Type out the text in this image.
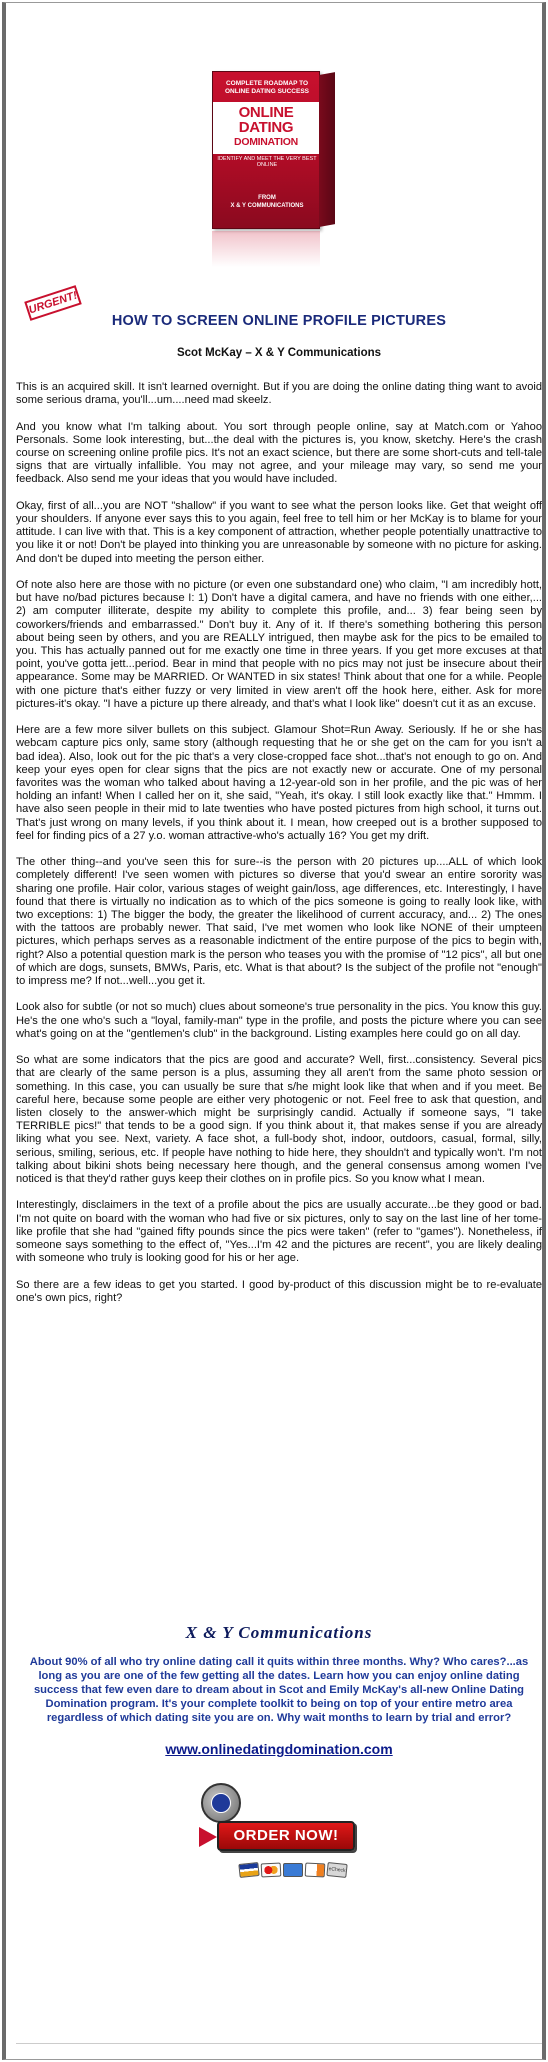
COMPLETE ROADMAP TO ONLINE DATING SUCCESS
ONLINE
DATING
DOMINATION
IDENTIFY AND MEET THE VERY BEST ONLINE
FROM
X & Y COMMUNICATIONS
URGENT!
HOW TO SCREEN ONLINE PROFILE PICTURES
Scot McKay – X & Y Communications

This is an acquired skill. It isn't learned overnight. But if you are doing the online dating thing want to avoid some serious drama, you'll...um....need mad skeelz.

And you know what I'm talking about. You sort through people online, say at Match.com or Yahoo Personals. Some look interesting, but...the deal with the pictures is, you know, sketchy. Here's the crash course on screening online profile pics. It's not an exact science, but there are some short-cuts and tell-tale signs that are virtually infallible. You may not agree, and your mileage may vary, so send me your feedback. Also send me your ideas that you would have included.

Okay, first of all...you are NOT "shallow" if you want to see what the person looks like. Get that weight off your shoulders. If anyone ever says this to you again, feel free to tell him or her McKay is to blame for your attitude. I can live with that. This is a key component of attraction, whether people potentially unattractive to you like it or not! Don't be played into thinking you are unreasonable by someone with no picture for asking. And don't be duped into meeting the person either.

Of note also here are those with no picture (or even one substandard one) who claim, "I am incredibly hott, but have no/bad pictures because I: 1) Don't have a digital camera, and have no friends with one either,... 2) am computer illiterate, despite my ability to complete this profile, and... 3) fear being seen by coworkers/friends and embarrassed." Don't buy it. Any of it. If there's something bothering this person about being seen by others, and you are REALLY intrigued, then maybe ask for the pics to be emailed to you. This has actually panned out for me exactly one time in three years. If you get more excuses at that point, you've gotta jett...period. Bear in mind that people with no pics may not just be insecure about their appearance. Some may be MARRIED. Or WANTED in six states! Think about that one for a while. People with one picture that's either fuzzy or very limited in view aren't off the hook here, either. Ask for more pictures-it's okay. "I have a picture up there already, and that's what I look like" doesn't cut it as an excuse.

Here are a few more silver bullets on this subject. Glamour Shot=Run Away. Seriously. If he or she has webcam capture pics only, same story (although requesting that he or she get on the cam for you isn't a bad idea). Also, look out for the pic that's a very close-cropped face shot...that's not enough to go on. And keep your eyes open for clear signs that the pics are not exactly new or accurate. One of my personal favorites was the woman who talked about having a 12-year-old son in her profile, and the pic was of her holding an infant! When I called her on it, she said, "Yeah, it's okay. I still look exactly like that." Hmmm. I have also seen people in their mid to late twenties who have posted pictures from high school, it turns out. That's just wrong on many levels, if you think about it. I mean, how creeped out is a brother supposed to feel for finding pics of a 27 y.o. woman attractive-who's actually 16? You get my drift.

The other thing--and you've seen this for sure--is the person with 20 pictures up....ALL of which look completely different! I've seen women with pictures so diverse that you'd swear an entire sorority was sharing one profile. Hair color, various stages of weight gain/loss, age differences, etc. Interestingly, I have found that there is virtually no indication as to which of the pics someone is going to really look like, with two exceptions: 1) The bigger the body, the greater the likelihood of current accuracy, and... 2) The ones with the tattoos are probably newer. That said, I've met women who look like NONE of their umpteen pictures, which perhaps serves as a reasonable indictment of the entire purpose of the pics to begin with, right? Also a potential question mark is the person who teases you with the promise of "12 pics", all but one of which are dogs, sunsets, BMWs, Paris, etc. What is that about? Is the subject of the profile not "enough" to impress me? If not...well...you get it.

Look also for subtle (or not so much) clues about someone's true personality in the pics. You know this guy. He's the one who's such a "loyal, family-man" type in the profile, and posts the picture where you can see what's going on at the "gentlemen's club" in the background. Listing examples here could go on all day.

So what are some indicators that the pics are good and accurate? Well, first...consistency. Several pics that are clearly of the same person is a plus, assuming they all aren't from the same photo session or something. In this case, you can usually be sure that s/he might look like that when and if you meet. Be careful here, because some people are either very photogenic or not. Feel free to ask that question, and listen closely to the answer-which might be surprisingly candid. Actually if someone says, "I take TERRIBLE pics!" that tends to be a good sign. If you think about it, that makes sense if you are already liking what you see. Next, variety. A face shot, a full-body shot, indoor, outdoors, casual, formal, silly, serious, smiling, serious, etc. If people have nothing to hide here, they shouldn't and typically won't. I'm not talking about bikini shots being necessary here though, and the general consensus among women I've noticed is that they'd rather guys keep their clothes on in profile pics. So you know what I mean.

Interestingly, disclaimers in the text of a profile about the pics are usually accurate...be they good or bad. I'm not quite on board with the woman who had five or six pictures, only to say on the last line of her tome-like profile that she had "gained fifty pounds since the pics were taken" (refer to "games"). Nonetheless, if someone says something to the effect of, "Yes...I'm 42 and the pictures are recent", you are likely dealing with someone who truly is looking good for his or her age.

So there are a few ideas to get you started. I good by-product of this discussion might be to re-evaluate one's own pics, right?

X & Y Communications
About 90% of all who try online dating call it quits within three months. Why? Who cares?...as long as you are one of the few getting all the dates. Learn how you can enjoy online dating success that few even dare to dream about in Scot and Emily McKay's all-new Online Dating Domination program. It's your complete toolkit to being on top of your entire metro area regardless of which dating site you are on. Why wait months to learn by trial and error?
www.onlinedatingdomination.com
ORDER NOW!
eCheck
